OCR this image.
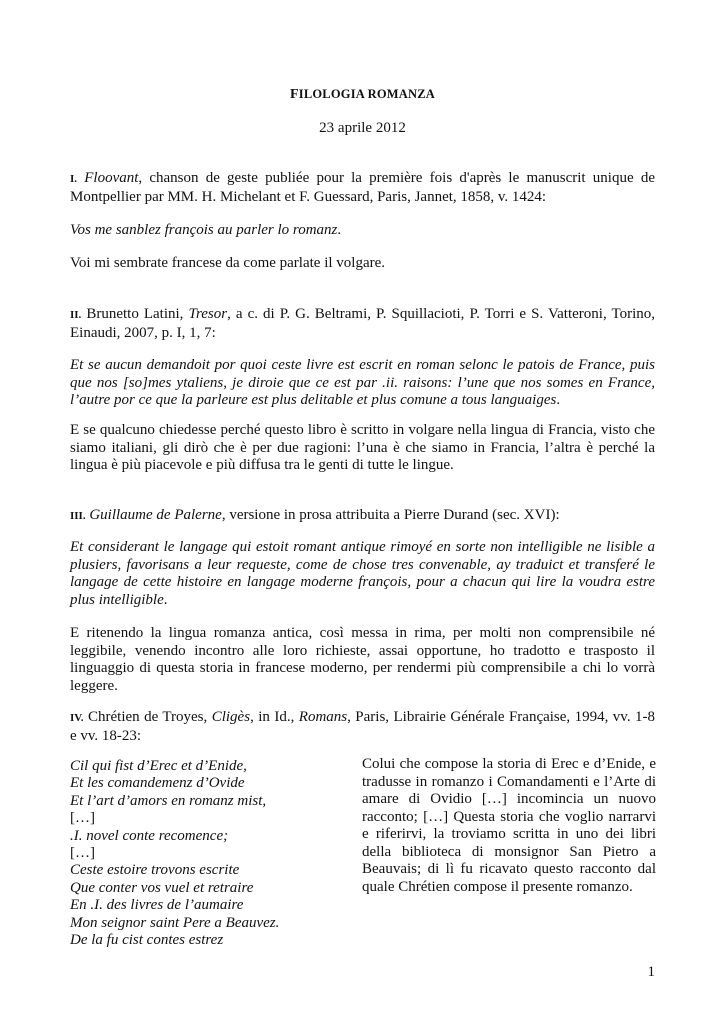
FILOLOGIA ROMANZA
23 aprile 2012
I. Floovant, chanson de geste publiée pour la première fois d'après le manuscrit unique de Montpellier par MM. H. Michelant et F. Guessard, Paris, Jannet, 1858, v. 1424:
Vos me sanblez françois au parler lo romanz.
Voi mi sembrate francese da come parlate il volgare.
II. Brunetto Latini, Tresor, a c. di P. G. Beltrami, P. Squillacioti, P. Torri e S. Vatteroni, Torino, Einaudi, 2007, p. I, 1, 7:
Et se aucun demandoit por quoi ceste livre est escrit en roman selonc le patois de France, puis que nos [so]mes ytaliens, je diroie que ce est par .ii. raisons: l’une que nos somes en France, l’autre por ce que la parleure est plus delitable et plus comune a tous languaiges.
E se qualcuno chiedesse perché questo libro è scritto in volgare nella lingua di Francia, visto che siamo italiani, gli dirò che è per due ragioni: l’una è che siamo in Francia, l’altra è perché la lingua è più piacevole e più diffusa tra le genti di tutte le lingue.
III. Guillaume de Palerne, versione in prosa attribuita a Pierre Durand (sec. XVI):
Et considerant le langage qui estoit romant antique rimoyé en sorte non intelligible ne lisible a plusiers, favorisans a leur requeste, come de chose tres convenable, ay traduict et transferé le langage de cette histoire en langage moderne françois, pour a chacun qui lire la voudra estre plus intelligible.
E ritenendo la lingua romanza antica, così messa in rima, per molti non comprensibile né leggibile, venendo incontro alle loro richieste, assai opportune, ho tradotto e trasposto il linguaggio di questa storia in francese moderno, per rendermi più comprensibile a chi lo vorrà leggere.
IV. Chrétien de Troyes, Cligès, in Id., Romans, Paris, Librairie Générale Française, 1994, vv. 1-8 e vv. 18-23:
Cil qui fist d’Erec et d’Enide,
Et les comandemenz d’Ovide
Et l’art d’amors en romanz mist,
[…]
.I. novel conte recomence;
[…]
Ceste estoire trovons escrite
Que conter vos vuel et retraire
En .I. des livres de l’aumaire
Mon seignor saint Pere a Beauvez.
De la fu cist contes estrez
Colui che compose la storia di Erec e d’Enide, e tradusse in romanzo i Comandamenti e l’Arte di amare di Ovidio […] incomincia un nuovo racconto; […] Questa storia che voglio narrarvi e riferirvi, la troviamo scritta in uno dei libri della biblioteca di monsignor San Pietro a Beauvais; di lì fu ricavato questo racconto dal quale Chrétien compose il presente romanzo.
1
